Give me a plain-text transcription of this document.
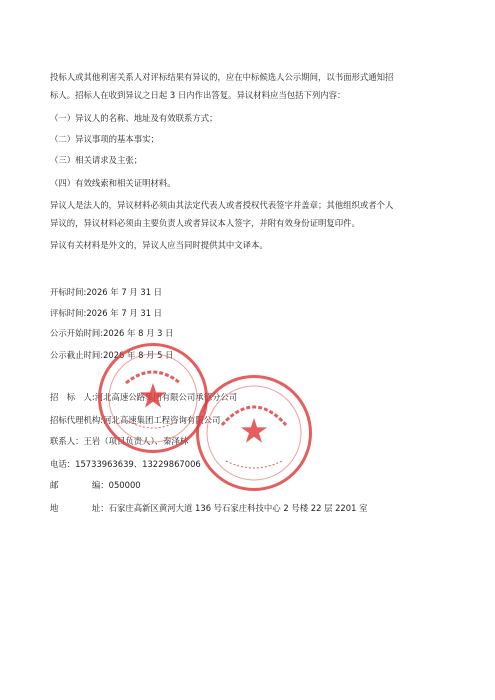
投标人或其他利害关系人对评标结果有异议的，应在中标候选人公示期间，以书面形式通知招
标人。招标人在收到异议之日起 3 日内作出答复。异议材料应当包括下列内容：
（一）异议人的名称、地址及有效联系方式；
（二）异议事项的基本事实；
（三）相关请求及主张；
（四）有效线索和相关证明材料。
异议人是法人的，异议材料必须由其法定代表人或者授权代表签字并盖章；其他组织或者个人
异议的，异议材料必须由主要负责人或者异议本人签字，并附有效身份证明复印件。
异议有关材料是外文的，异议人应当同时提供其中文译本。
开标时间:2026 年 7 月 31 日
评标时间:2026 年 7 月 31 日
公示开始时间:2026 年 8 月 3 日
公示截止时间:2026 年 8 月 5 日
招　标　人:河北高速公路集团有限公司承德分公司
招标代理机构:河北高速集团工程咨询有限公司
联系人：王岩（项目负责人）、秦泽林
电话：15733963639、13229867006
邮　　　　编：050000
地　　　　址：石家庄高新区黄河大道 136 号石家庄科技中心 2 号楼 22 层 2201 室
★
★
